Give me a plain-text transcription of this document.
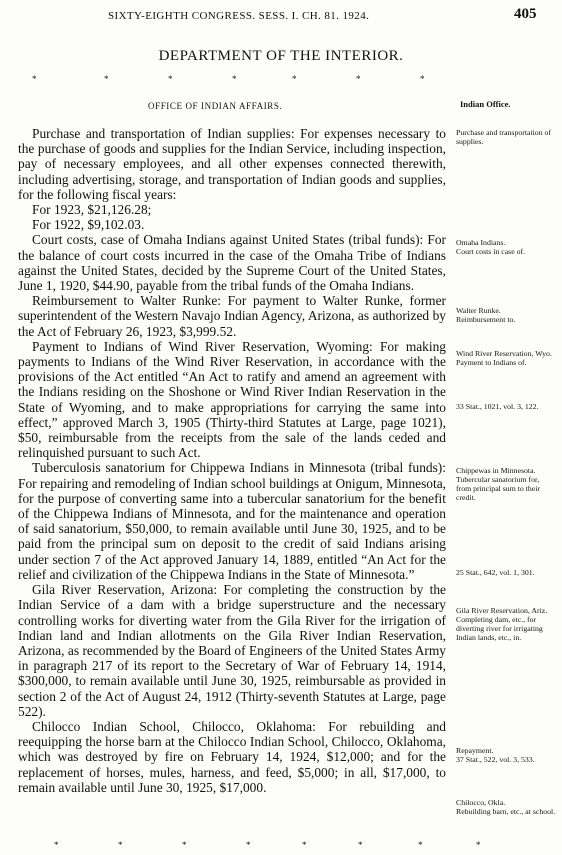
SIXTY-EIGHTH CONGRESS. SESS. I. CH. 81. 1924.	405
DEPARTMENT OF THE INTERIOR.
*	*	*	*	*	*	*
OFFICE OF INDIAN AFFAIRS.	Indian Office.

Purchase and transportation of Indian supplies: For expenses necessary to the purchase of goods and supplies for the Indian Service, including inspection, pay of necessary employees, and all other expenses connected therewith, including advertising, storage, and transportation of Indian goods and supplies, for the following fiscal years:

For 1923, $21,126.28;

For 1922, $9,102.03.

Court costs, case of Omaha Indians against United States (tribal funds): For the balance of court costs incurred in the case of the Omaha Tribe of Indians against the United States, decided by the Supreme Court of the United States, June 1, 1920, $44.90, payable from the tribal funds of the Omaha Indians.

Reimbursement to Walter Runke: For payment to Walter Runke, former superintendent of the Western Navajo Indian Agency, Arizona, as authorized by the Act of February 26, 1923, $3,999.52.

Payment to Indians of Wind River Reservation, Wyoming: For making payments to Indians of the Wind River Reservation, in accordance with the provisions of the Act entitled “An Act to ratify and amend an agreement with the Indians residing on the Shoshone or Wind River Indian Reservation in the State of Wyoming, and to make appropriations for carrying the same into effect,” approved March 3, 1905 (Thirty-third Statutes at Large, page 1021), $50, reimbursable from the receipts from the sale of the lands ceded and relinquished pursuant to such Act.

Tuberculosis sanatorium for Chippewa Indians in Minnesota (tribal funds): For repairing and remodeling of Indian school buildings at Onigum, Minnesota, for the purpose of converting same into a tubercular sanatorium for the benefit of the Chippewa Indians of Minnesota, and for the maintenance and operation of said sanatorium, $50,000, to remain available until June 30, 1925, and to be paid from the principal sum on deposit to the credit of said Indians arising under section 7 of the Act approved January 14, 1889, entitled “An Act for the relief and civilization of the Chippewa Indians in the State of Minnesota.”

Gila River Reservation, Arizona: For completing the construction by the Indian Service of a dam with a bridge superstructure and the necessary controlling works for diverting water from the Gila River for the irrigation of Indian land and Indian allotments on the Gila River Indian Reservation, Arizona, as recommended by the Board of Engineers of the United States Army in paragraph 217 of its report to the Secretary of War of February 14, 1914, $300,000, to remain available until June 30, 1925, reimbursable as provided in section 2 of the Act of August 24, 1912 (Thirty-seventh Statutes at Large, page 522).

Chilocco Indian School, Chilocco, Oklahoma: For rebuilding and reequipping the horse barn at the Chilocco Indian School, Chilocco, Oklahoma, which was destroyed by fire on February 14, 1924, $12,000; and for the replacement of horses, mules, harness, and feed, $5,000; in all, $17,000, to remain available until June 30, 1925, $17,000.

Purchase and transportation of supplies.
Omaha Indians.
Court costs in case of.
Walter Runke.
Reimbursement to.
Wind River Reservation, Wyo.
Payment to Indians of.
33 Stat., 1021, vol. 3, 122.
Chippewas in Minnesota.
Tubercular sanatorium for, from principal sum to their credit.
25 Stat., 642, vol. 1, 301.
Gila River Reservation, Ariz.
Completing dam, etc., for diverting river for irrigating Indian lands, etc., in.
Repayment.
37 Stat., 522, vol. 3, 533.
Chilocco, Okla.
Rebuilding barn, etc., at school.
*	*	*	*	*	*	*	*
